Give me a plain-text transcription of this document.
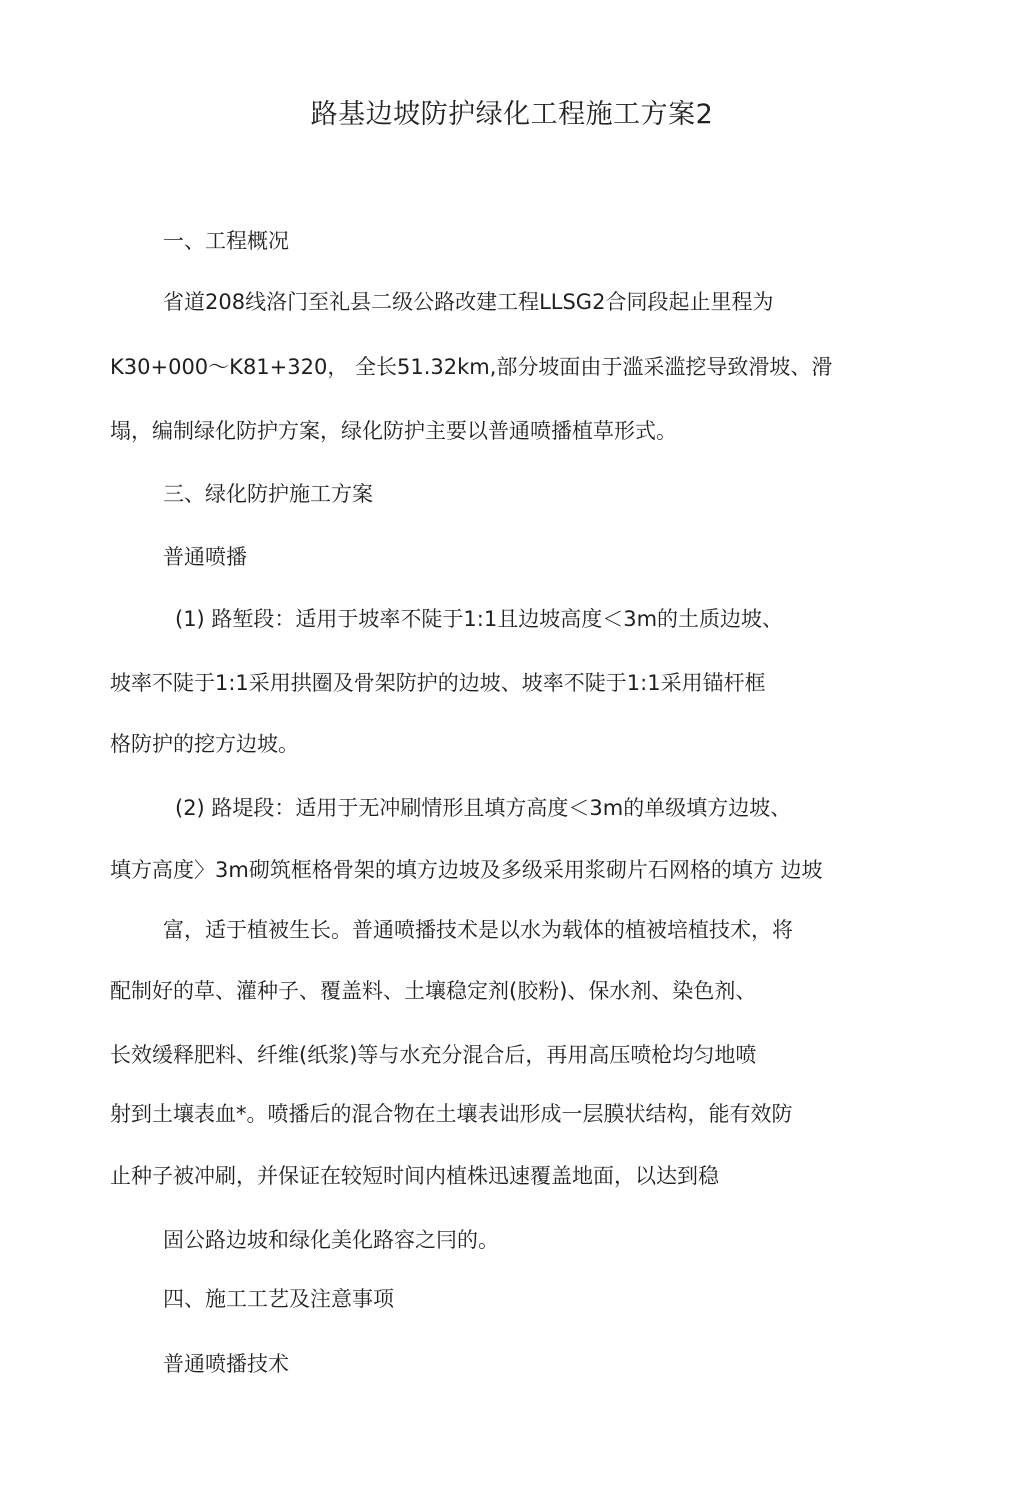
路基边坡防护绿化工程施工方案2
一、工程概况
省道208线洛门至礼县二级公路改建工程LLSG2合同段起止里程为
K30+000～K81+320， 全长51.32km,部分坡面由于滥采滥挖导致滑坡、滑
塌，编制绿化防护方案，绿化防护主要以普通喷播植草形式。
三、绿化防护施工方案
普通喷播
(1) 路堑段：适用于坡率不陡于1:1且边坡高度＜3m的土质边坡、
坡率不陡于1:1采用拱圈及骨架防护的边坡、坡率不陡于1:1采用锚杆框
格防护的挖方边坡。
(2) 路堤段：适用于无冲刷情形且填方高度＜3m的单级填方边坡、
填方高度〉3m砌筑框格骨架的填方边坡及多级采用浆砌片石网格的填方 边坡
富，适于植被生长。普通喷播技术是以水为载体的植被培植技术，将
配制好的草、灌种子、覆盖料、土壤稳定剂(胶粉)、保水剂、染色剂、
长效缓释肥料、纤维(纸浆)等与水充分混合后，再用高压喷枪均匀地喷
射到土壤表血*。喷播后的混合物在土壤表诎形成一层膜状结构，能有效防
止种子被冲刷，并保证在较短时间内植株迅速覆盖地面，以达到稳
固公路边坡和绿化美化路容之冃的。
四、施工工艺及注意事项
普通喷播技术
